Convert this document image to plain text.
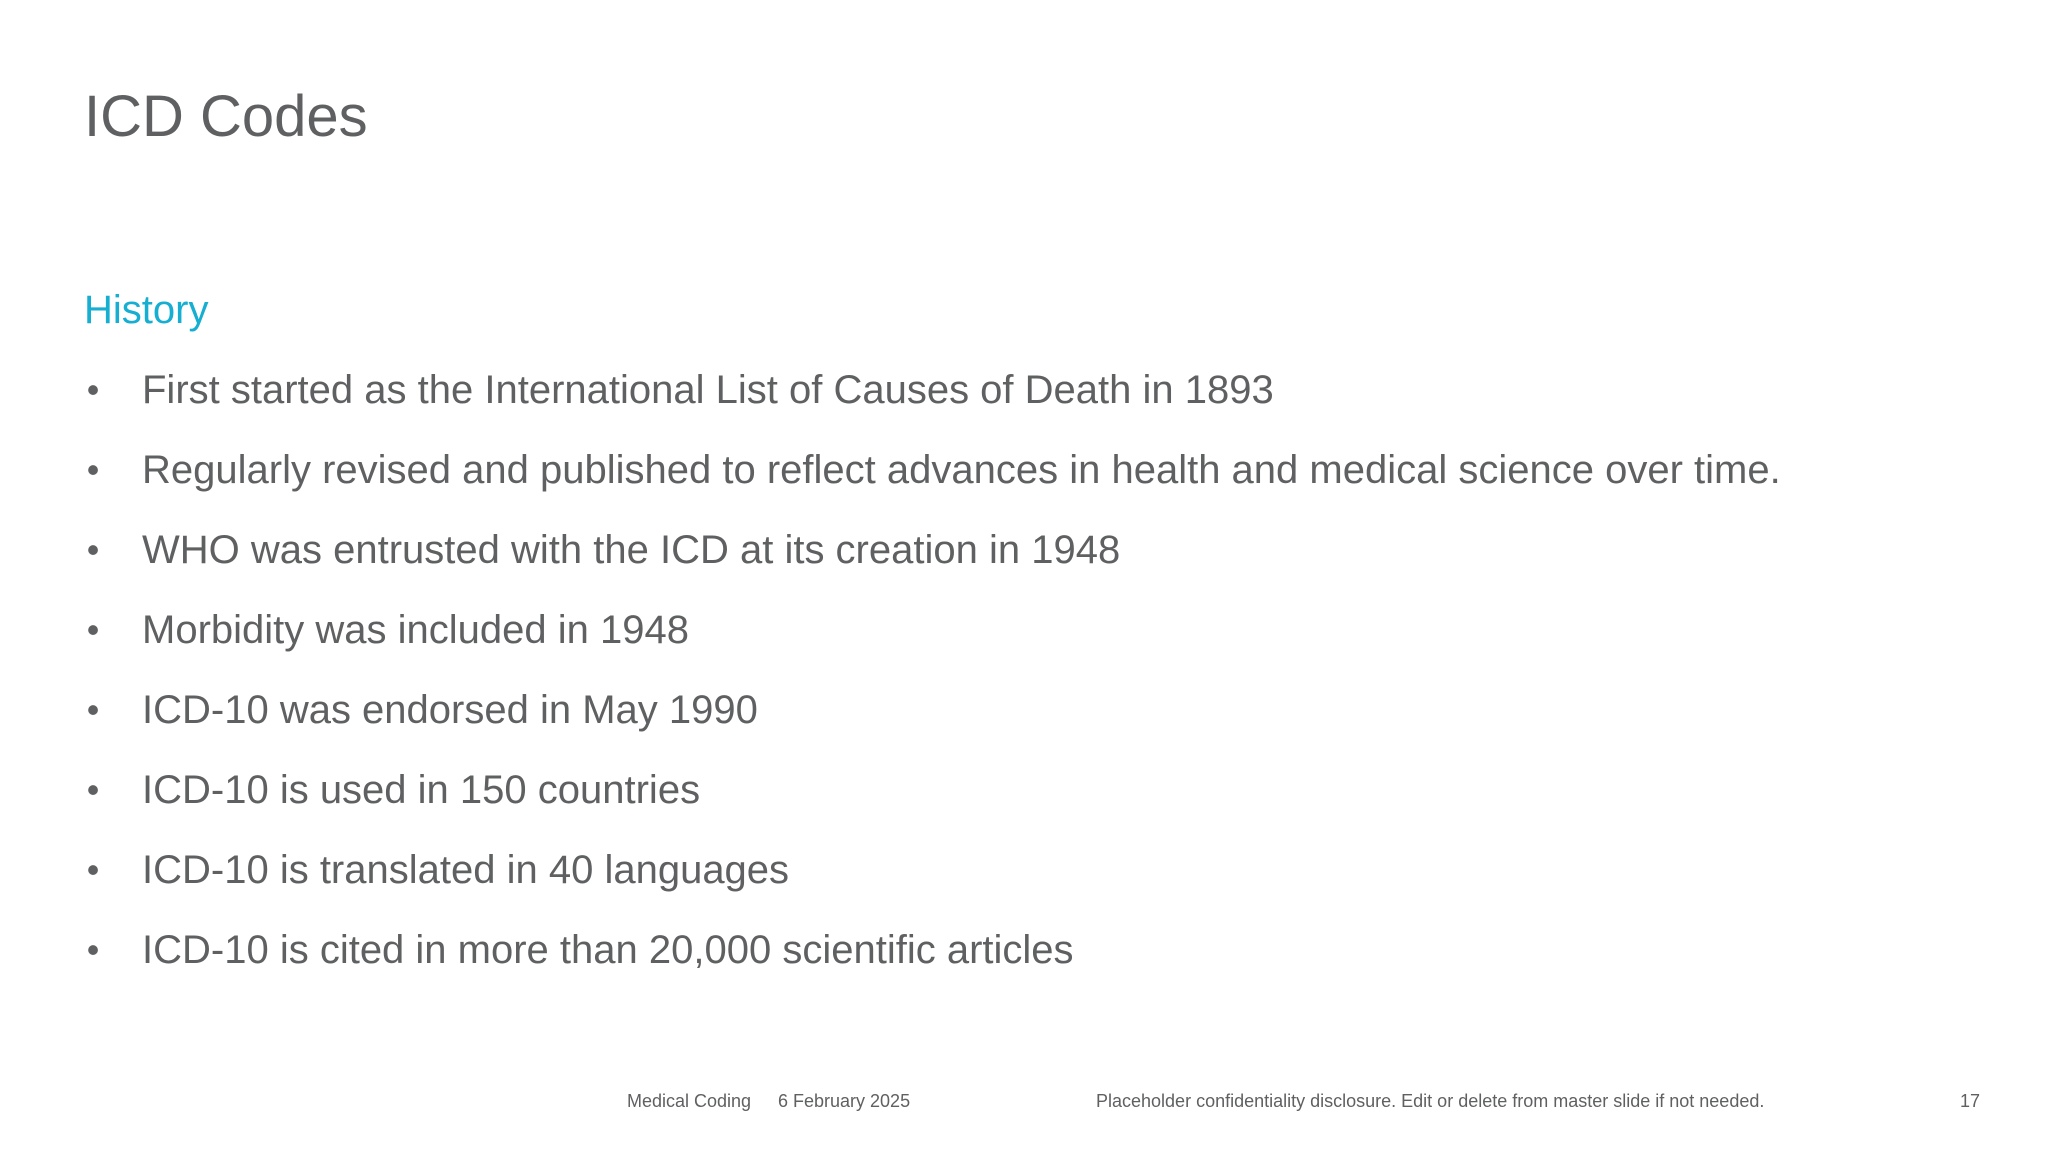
ICD Codes
History
• First started as the International List of Causes of Death in 1893
• Regularly revised and published to reflect advances in health and medical science over time.
• WHO was entrusted with the ICD at its creation in 1948
• Morbidity was included in 1948
• ICD-10 was endorsed in May 1990
• ICD-10 is used in 150 countries
• ICD-10 is translated in 40 languages
• ICD-10 is cited in more than 20,000 scientific articles
Medical Coding 6 February 2025	Placeholder confidentiality disclosure. Edit or delete from master slide if not needed.	17
